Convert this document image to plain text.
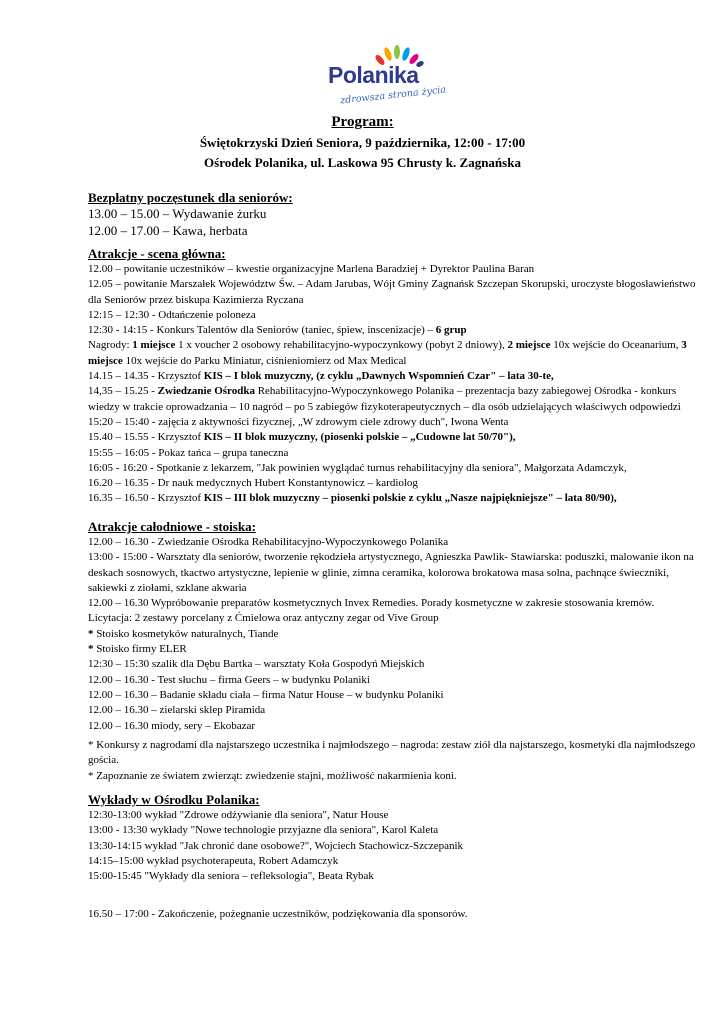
Polanika
zdrowsza strona życia
Program:
Świętokrzyski Dzień Seniora, 9 października, 12:00 - 17:00
Ośrodek Polanika, ul. Laskowa 95 Chrusty k. Zagnańska
Bezpłatny poczęstunek dla seniorów:

13.00 – 15.00 – Wydawanie żurku

12.00 – 17.00 – Kawa, herbata

Atrakcje - scena główna:

12.00 – powitanie uczestników – kwestie organizacyjne Marlena Baradziej + Dyrektor Paulina Baran

12.05 – powitanie Marszałek Województw Św. – Adam Jarubas, Wójt Gminy Zagnańsk Szczepan Skorupski, uroczyste błogosławieństwo dla Seniorów przez biskupa Kazimierza Ryczana

12:15 – 12:30 - Odtańczenie poloneza

12:30 - 14:15 - Konkurs Talentów dla Seniorów (taniec, śpiew, inscenizacje) – 6 grup

Nagrody: 1 miejsce 1 x voucher 2 osobowy rehabilitacyjno-wypoczynkowy (pobyt 2 dniowy), 2 miejsce 10x wejście do Oceanarium, 3 miejsce 10x wejście do Parku Miniatur, ciśnieniomierz od Max Medical

14.15 – 14.35 - Krzysztof KIS – I blok muzyczny, (z cyklu „Dawnych Wspomnień Czar" – lata 30-te,

14,35 – 15.25 - Zwiedzanie Ośrodka Rehabilitacyjno-Wypoczynkowego Polanika – prezentacja bazy zabiegowej Ośrodka - konkurs wiedzy w trakcie oprowadzania – 10 nagród – po 5 zabiegów fizykoterapeutycznych – dla osób udzielających właściwych odpowiedzi

15:20 – 15:40 - zajęcia z aktywności fizycznej, „W zdrowym ciele zdrowy duch", Iwona Wenta

15.40 – 15.55 - Krzysztof KIS – II blok muzyczny, (piosenki polskie – „Cudowne lat 50/70"),

15:55 – 16:05 - Pokaz tańca – grupa taneczna

16:05 - 16:20 - Spotkanie z lekarzem, "Jak powinien wyglądać turnus rehabilitacyjny dla seniora", Małgorzata Adamczyk,

16.20 – 16.35 - Dr nauk medycznych Hubert Konstantynowicz – kardiolog

16.35 – 16.50 - Krzysztof KIS – III blok muzyczny – piosenki polskie z cyklu „Nasze najpiękniejsze" – lata 80/90),

Atrakcje całodniowe - stoiska:

12.00 – 16.30 - Zwiedzanie Ośrodka Rehabilitacyjno-Wypoczynkowego Polanika

13:00 - 15:00 - Warsztaty dla seniorów, tworzenie rękodzieła artystycznego, Agnieszka Pawlik- Stawiarska: poduszki, malowanie ikon na deskach sosnowych, tkactwo artystyczne, lepienie w glinie, zimna ceramika, kolorowa brokatowa masa solna, pachnące świeczniki, sakiewki z ziołami, szklane akwaria

12.00 – 16.30 Wypróbowanie preparatów kosmetycznych Invex Remedies. Porady kosmetyczne w zakresie stosowania kremów.

Licytacja: 2 zestawy porcelany z Ćmielowa oraz antyczny zegar od Vive Group

* Stoisko kosmetyków naturalnych, Tiande

* Stoisko firmy ELER

12:30 – 15:30 szalik dla Dębu Bartka – warsztaty Koła Gospodyń Miejskich

12.00 – 16.30 - Test słuchu – firma Geers – w budynku Polaniki

12.00 – 16.30 – Badanie składu ciała – firma Natur House – w budynku Polaniki

12.00 – 16.30 – zielarski sklep Piramida

12.00 – 16.30 miody, sery – Ekobazar

* Konkursy z nagrodami dla najstarszego uczestnika i najmłodszego – nagroda: zestaw ziół dla najstarszego, kosmetyki dla najmłodszego gościa.

* Zapoznanie ze światem zwierząt: zwiedzenie stajni, możliwość nakarmienia koni.

Wykłady w Ośrodku Polanika:

12:30-13:00 wykład "Zdrowe odżywianie dla seniora", Natur House

13:00 - 13:30 wykłady "Nowe technologie przyjazne dla seniora", Karol Kaleta

13:30-14:15 wykład "Jak chronić dane osobowe?", Wojciech Stachowicz-Szczepanik

14:15–15:00 wykład psychoterapeuta, Robert Adamczyk

15:00-15:45 "Wykłady dla seniora – refleksologia", Beata Rybak

16.50 – 17:00 - Zakończenie, pożegnanie uczestników, podziękowania dla sponsorów.
